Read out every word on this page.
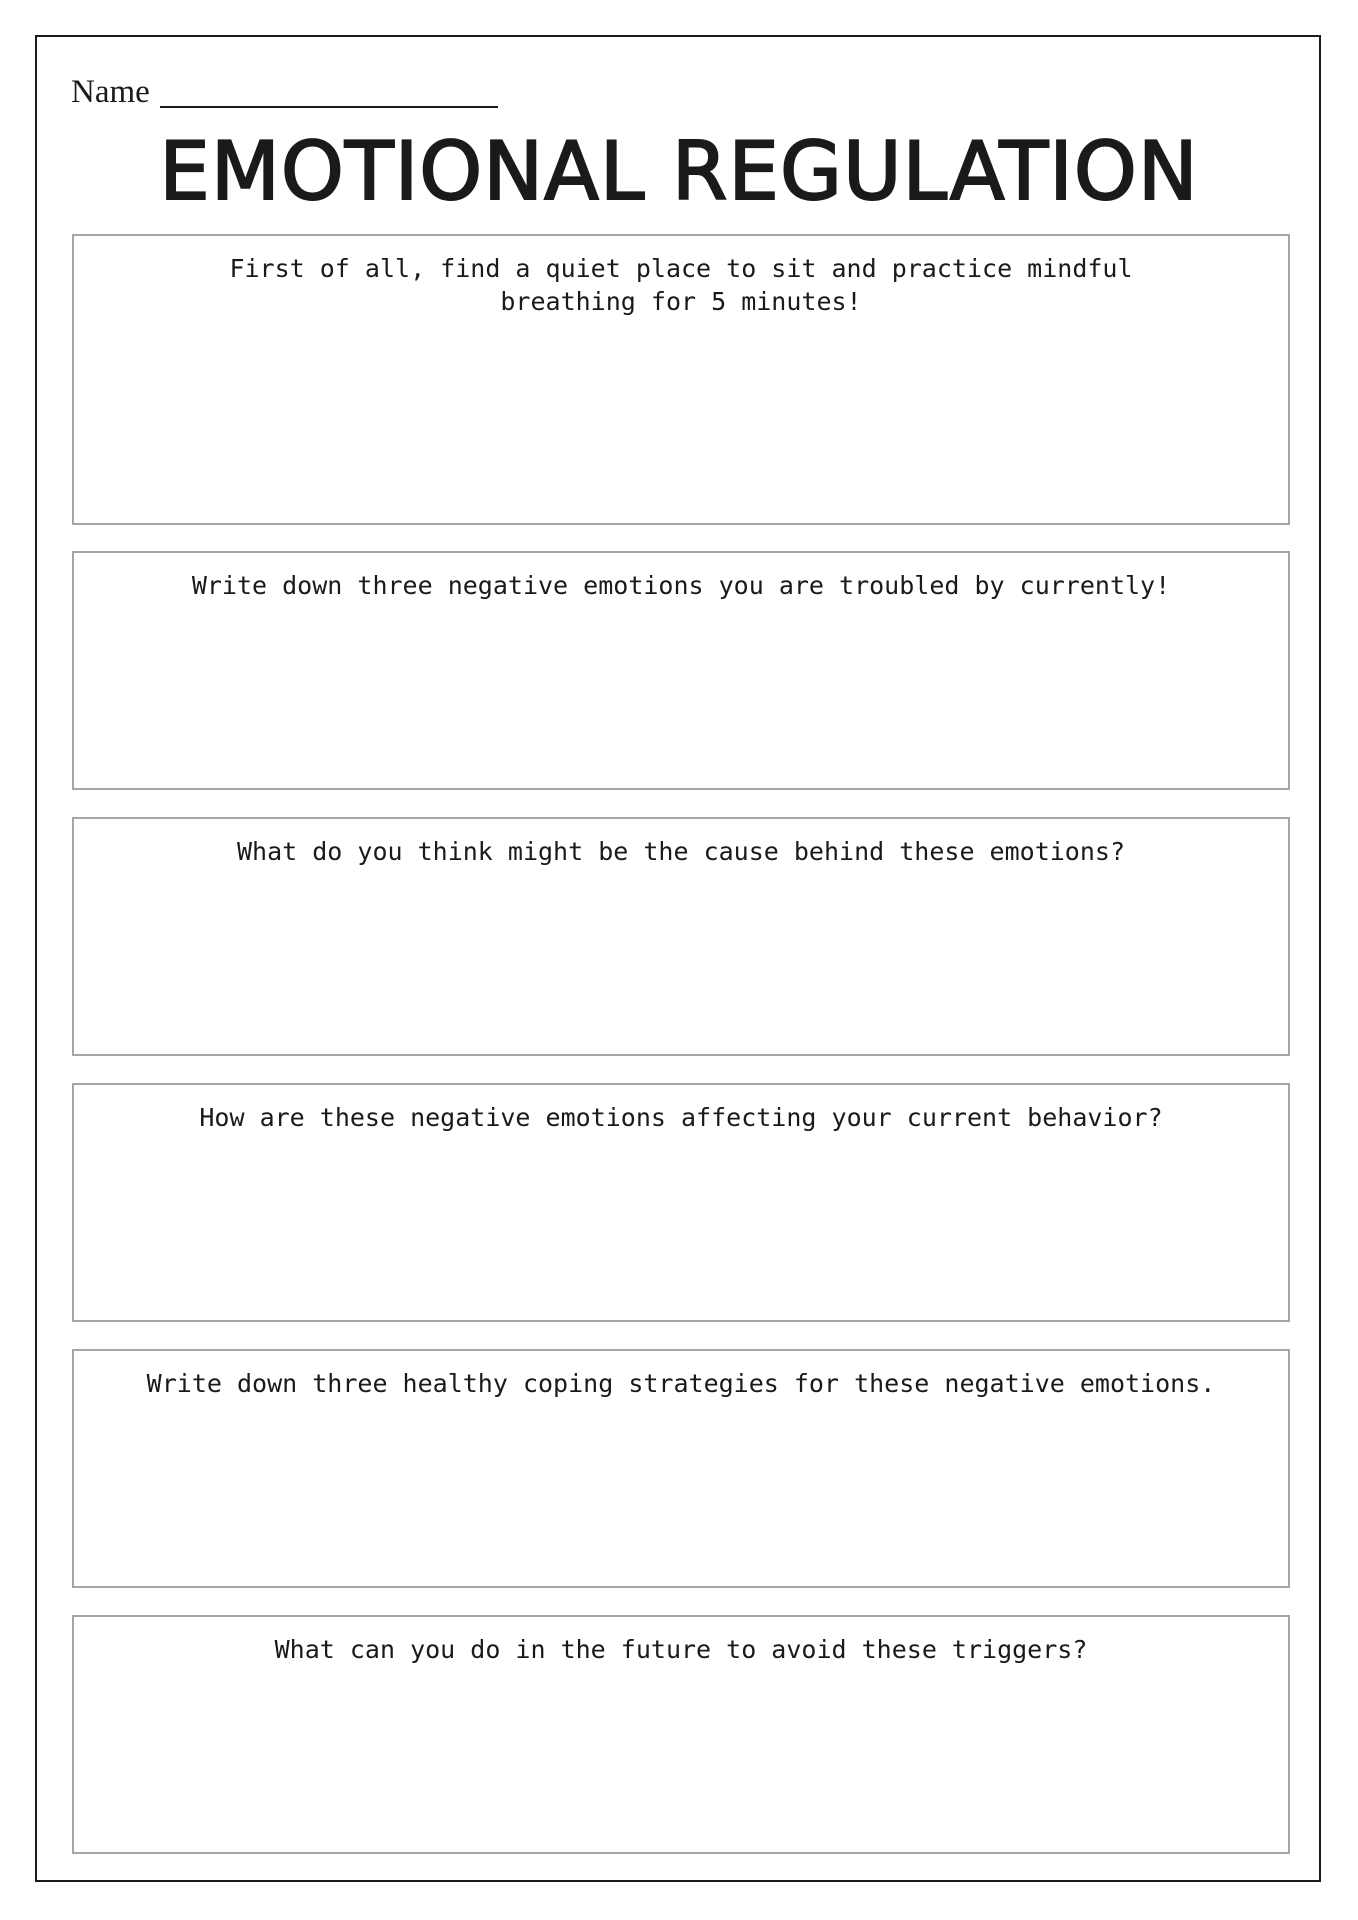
Name
EMOTIONAL REGULATION
First of all, find a quiet place to sit and practice mindful breathing for 5 minutes!
Write down three negative emotions you are troubled by currently!
What do you think might be the cause behind these emotions?
How are these negative emotions affecting your current behavior?
Write down three healthy coping strategies for these negative emotions.
What can you do in the future to avoid these triggers?
